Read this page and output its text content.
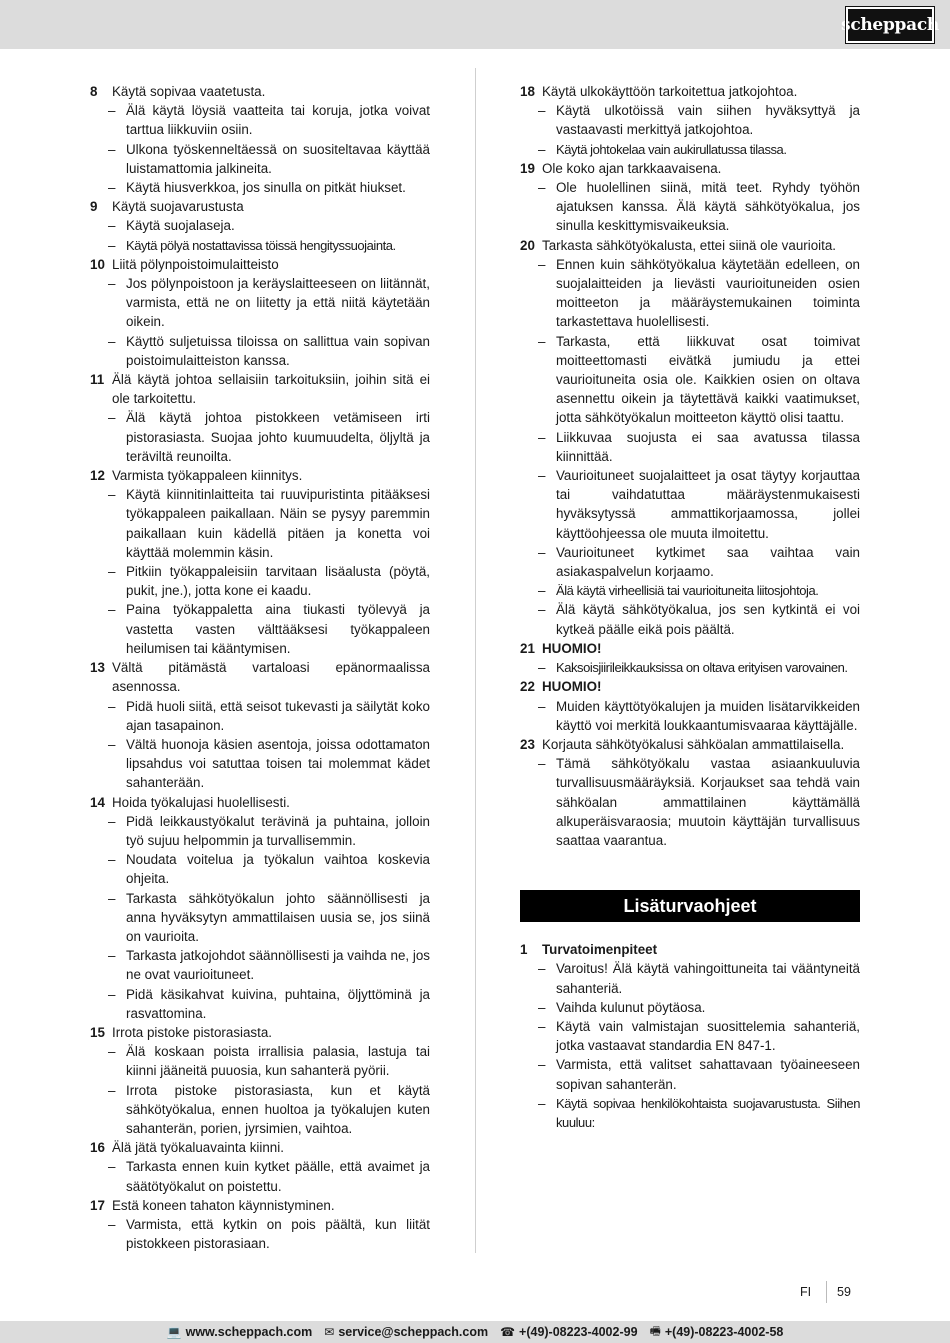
scheppach
8	Käytä sopivaa vaatetusta.
– Älä käytä löysiä vaatteita tai koruja, jotka voivat tarttua liikkuviin osiin.
– Ulkona työskenneltäessä on suositeltavaa käyttää luistamattomia jalkineita.
– Käytä hiusverkkoa, jos sinulla on pitkät hiukset.
9	Käytä suojavarustusta
– Käytä suojalaseja.
– Käytä pölyä nostattavissa töissä hengityssuojainta.
10 Liitä pölynpoistoimulaitteisto
– Jos pölynpoistoon ja keräyslaitteeseen on liitännät, varmista, että ne on liitetty ja että niitä käytetään oikein.
– Käyttö suljetuissa tiloissa on sallittua vain sopivan poistoimulaitteiston kanssa.
11 Älä käytä johtoa sellaisiin tarkoituksiin, joihin sitä ei ole tarkoitettu.
– Älä käytä johtoa pistokkeen vetämiseen irti pistorasiasta. Suojaa johto kuumuudelta, öljyltä ja teräviltä reunoilta.
12 Varmista työkappaleen kiinnitys.
– Käytä kiinnitinlaitteita tai ruuvipuristinta pitääksesi työkappaleen paikallaan. Näin se pysyy paremmin paikallaan kuin kädellä pitäen ja konetta voi käyttää molemmin käsin.
– Pitkiin työkappaleisiin tarvitaan lisäalusta (pöytä, pukit, jne.), jotta kone ei kaadu.
– Paina työkappaletta aina tiukasti työlevyä ja vastetta vasten välttääksesi työkappaleen heilumisen tai kääntymisen.
13 Vältä pitämästä vartaloasi epänormaalissa asennossa.
– Pidä huoli siitä, että seisot tukevasti ja säilytät koko ajan tasapainon.
– Vältä huonoja käsien asentoja, joissa odottamaton lipsahdus voi satuttaa toisen tai molemmat kädet sahanterään.
14 Hoida työkalujasi huolellisesti.
– Pidä leikkaustyökalut terävinä ja puhtaina, jolloin työ sujuu helpommin ja turvallisemmin.
– Noudata voitelua ja työkalun vaihtoa koskevia ohjeita.
– Tarkasta sähkötyökalun johto säännöllisesti ja anna hyväksytyn ammattilaisen uusia se, jos siinä on vaurioita.
– Tarkasta jatkojohdot säännöllisesti ja vaihda ne, jos ne ovat vaurioituneet.
– Pidä käsikahvat kuivina, puhtaina, öljyttöminä ja rasvattomina.
15 Irrota pistoke pistorasiasta.
– Älä koskaan poista irrallisia palasia, lastuja tai kiinni jääneitä puuosia, kun sahanterä pyörii.
– Irrota pistoke pistorasiasta, kun et käytä sähkötyökalua, ennen huoltoa ja työkalujen kuten sahanterän, porien, jyrsimien, vaihtoa.
16 Älä jätä työkaluavainta kiinni.
– Tarkasta ennen kuin kytket päälle, että avaimet ja säätötyökalut on poistettu.
17 Estä koneen tahaton käynnistyminen.
– Varmista, että kytkin on pois päältä, kun liität pistokkeen pistorasiaan.
18 Käytä ulkokäyttöön tarkoitettua jatkojohtoa.
– Käytä ulkotöissä vain siihen hyväksyttyä ja vastaavasti merkittyä jatkojohtoa.
– Käytä johtokelaa vain aukirullatussa tilassa.
19 Ole koko ajan tarkkaavaisena.
– Ole huolellinen siinä, mitä teet. Ryhdy työhön ajatuksen kanssa. Älä käytä sähkötyökalua, jos sinulla keskittymisvaikeuksia.
20 Tarkasta sähkötyökalusta, ettei siinä ole vaurioita.
– Ennen kuin sähkötyökalua käytetään edelleen, on suojalaitteiden ja lievästi vaurioituneiden osien moitteeton ja määräystemukainen toiminta tarkastettava huolellisesti.
– Tarkasta, että liikkuvat osat toimivat moitteettomasti eivätkä jumiudu ja ettei vaurioituneita osia ole. Kaikkien osien on oltava asennettu oikein ja täytettävä kaikki vaatimukset, jotta sähkötyökalun moitteeton käyttö olisi taattu.
– Liikkuvaa suojusta ei saa avatussa tilassa kiinnittää.
– Vaurioituneet suojalaitteet ja osat täytyy korjauttaa tai vaihdatuttaa määräystenmukaisesti hyväksytyssä ammattikorjaamossa, jollei käyttöohjeessa ole muuta ilmoitettu.
– Vaurioituneet kytkimet saa vaihtaa vain asiakaspalvelun korjaamo.
– Älä käytä virheellisiä tai vaurioituneita liitosjohtoja.
– Älä käytä sähkötyökalua, jos sen kytkintä ei voi kytkeä päälle eikä pois päältä.
21 HUOMIO!
– Kaksoisjiirileikkauksissa on oltava erityisen varovainen.
22 HUOMIO!
– Muiden käyttötyökalujen ja muiden lisätarvikkeiden käyttö voi merkitä loukkaantumisvaaraa käyttäjälle.
23 Korjauta sähkötyökalusi sähköalan ammattilaisella.
– Tämä sähkötyökalu vastaa asiaankuuluvia turvallisuusmääräyksiä. Korjaukset saa tehdä vain sähköalan ammattilainen käyttämällä alkuperäisvaraosia; muutoin käyttäjän turvallisuus saattaa vaarantua.
Lisäturvaohjeet
1	Turvatoimenpiteet
– Varoitus! Älä käytä vahingoittuneita tai vääntyneitä sahanteriä.
– Vaihda kulunut pöytäosa.
– Käytä vain valmistajan suosittelemia sahanteriä, jotka vastaavat standardia EN 847-1.
– Varmista, että valitset sahattavaan työaineeseen sopivan sahanterän.
– Käytä sopivaa henkilökohtaista suojavarustusta. Siihen kuuluu:
FI	59
💻 www.scheppach.com ✉ service@scheppach.com ☎ +(49)-08223-4002-99 🖷 +(49)-08223-4002-58
